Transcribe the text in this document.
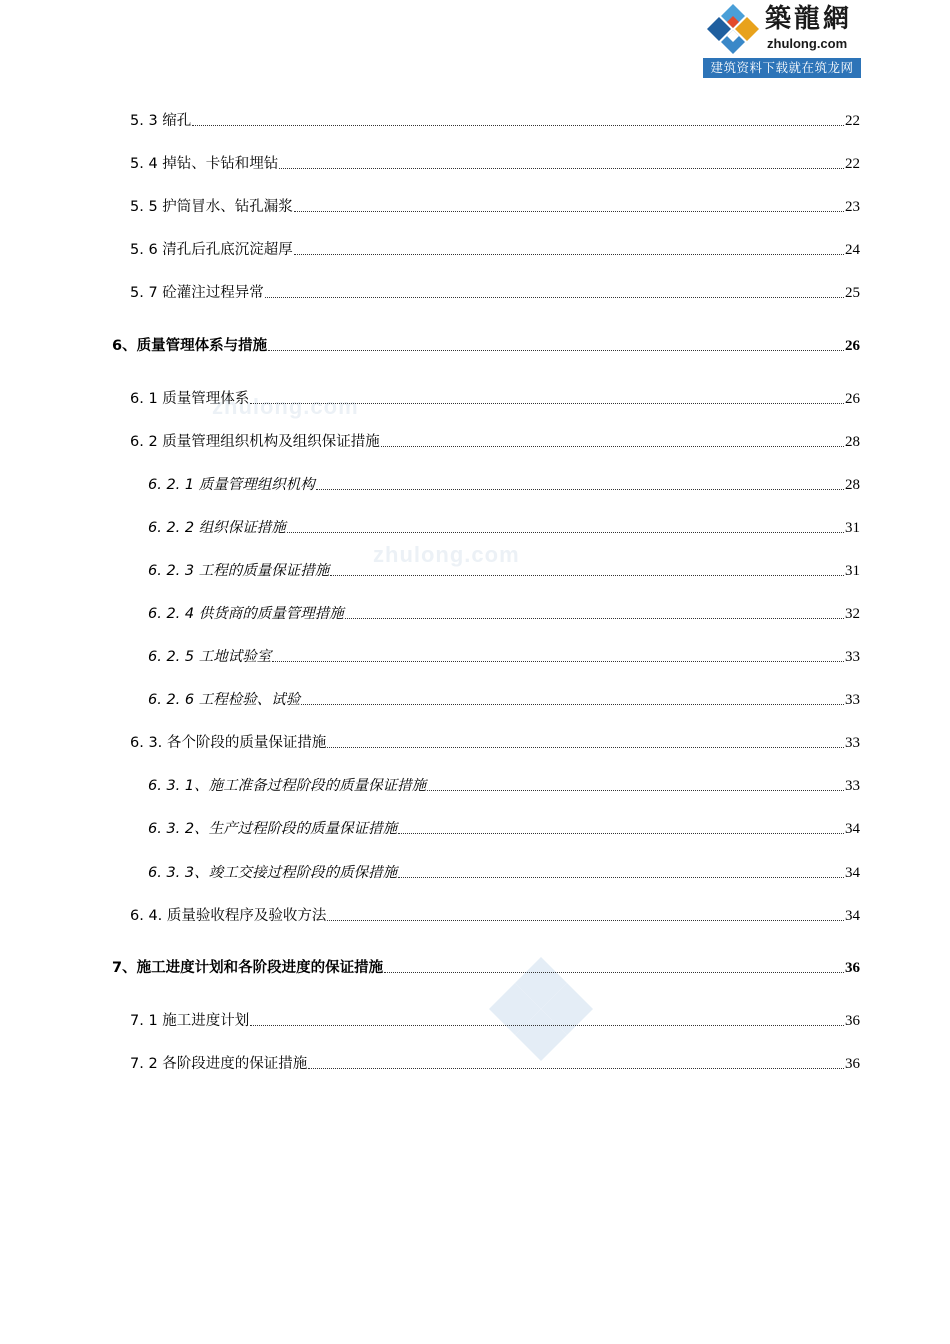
築龍網
zhulong.com
建筑资料下载就在筑龙网
zhulong.com
zhulong.com
5. 3 缩孔	22
5. 4 掉钻、卡钻和埋钻	22
5. 5 护筒冒水、钻孔漏浆	23
5. 6 清孔后孔底沉淀超厚	24
5. 7 砼灌注过程异常	25
6、质量管理体系与措施	26
6. 1 质量管理体系	26
6. 2 质量管理组织机构及组织保证措施	28
6. 2. 1 质量管理组织机构	28
6. 2. 2 组织保证措施	31
6. 2. 3 工程的质量保证措施	31
6. 2. 4 供货商的质量管理措施	32
6. 2. 5 工地试验室	33
6. 2. 6 工程检验、试验	33
6. 3. 各个阶段的质量保证措施	33
6. 3. 1、施工准备过程阶段的质量保证措施	33
6. 3. 2、生产过程阶段的质量保证措施	34
6. 3. 3、竣工交接过程阶段的质保措施	34
6. 4. 质量验收程序及验收方法	34
7、施工进度计划和各阶段进度的保证措施	36
7. 1 施工进度计划	36
7. 2 各阶段进度的保证措施	36
